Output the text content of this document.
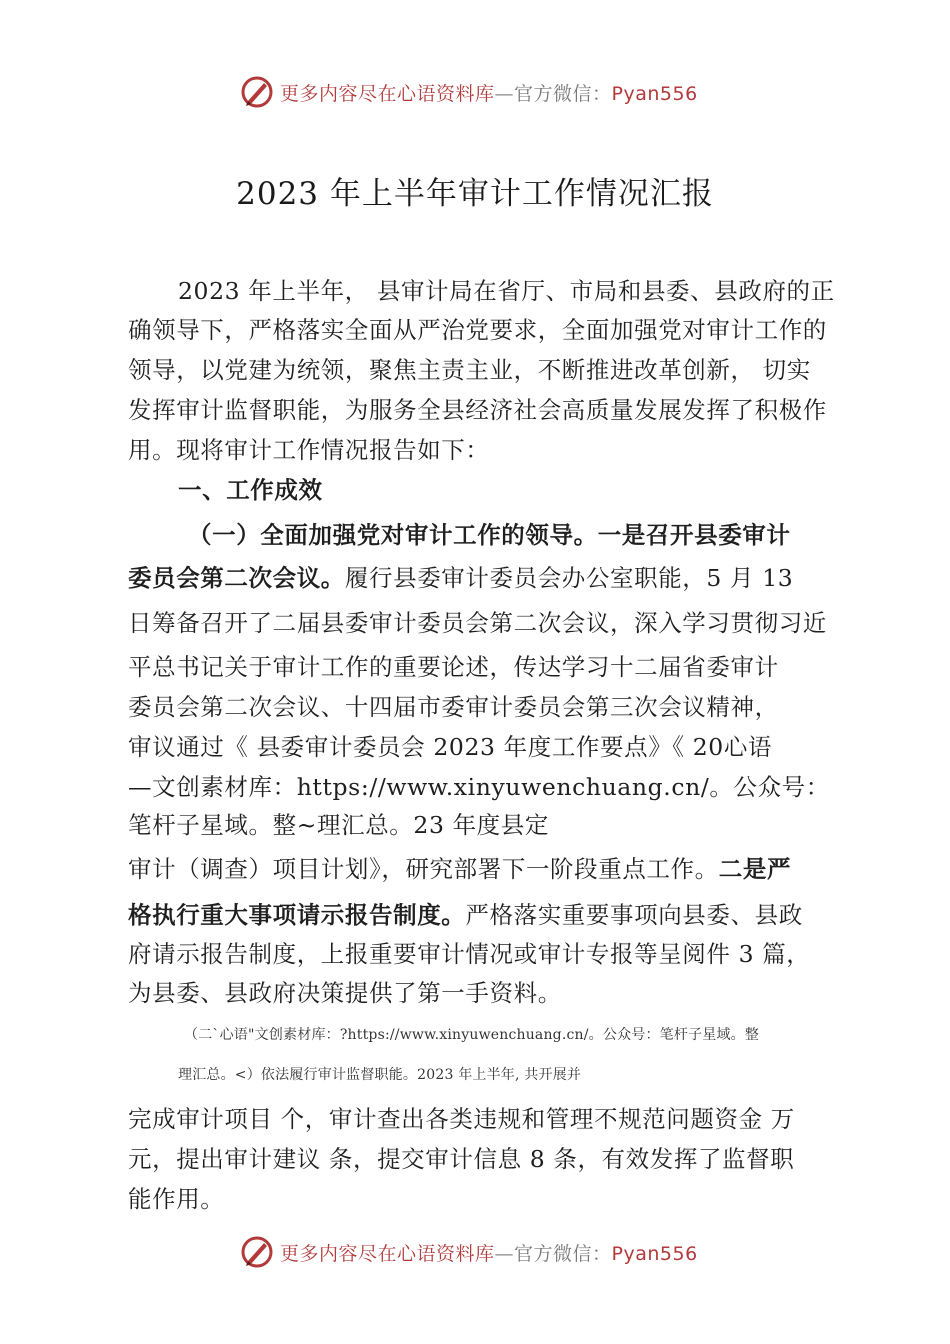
更多内容尽在心语资料库—官方微信：Pyan556
2023 年上半年审计工作情况汇报
2023 年上半年， 县审计局在省厅、市局和县委、县政府的正
确领导下，严格落实全面从严治党要求，全面加强党对审计工作的
领导，以党建为统领，聚焦主责主业，不断推进改革创新， 切实
发挥审计监督职能，为服务全县经济社会高质量发展发挥了积极作
用。现将审计工作情况报告如下：
一、工作成效
（一）全面加强党对审计工作的领导。一是召开县委审计
委员会第二次会议。履行县委审计委员会办公室职能，5 月 13
日筹备召开了二届县委审计委员会第二次会议，深入学习贯彻习近
平总书记关于审计工作的重要论述，传达学习十二届省委审计
委员会第二次会议、十四届市委审计委员会第三次会议精神，
审议通过《 县委审计委员会 2023 年度工作要点》《 20心语
—文创素材库：https://www.xinyuwenchuang.cn/。公众号：
笔杆子星域。整~理汇总。23 年度县定
审计（调查）项目计划》，研究部署下一阶段重点工作。二是严
格执行重大事项请示报告制度。严格落实重要事项向县委、县政
府请示报告制度，上报重要审计情况或审计专报等呈阅件 3 篇，
为县委、县政府决策提供了第一手资料。
（二`心语"文创素材库：?https://www.xinyuwenchuang.cn/。公众号：笔杆子星域。整
理汇总。<）依法履行审计监督职能。2023 年上半年, 共开展并
完成审计项目 个，审计查出各类违规和管理不规范问题资金 万
元，提出审计建议 条，提交审计信息 8 条，有效发挥了监督职
能作用。
更多内容尽在心语资料库—官方微信：Pyan556
